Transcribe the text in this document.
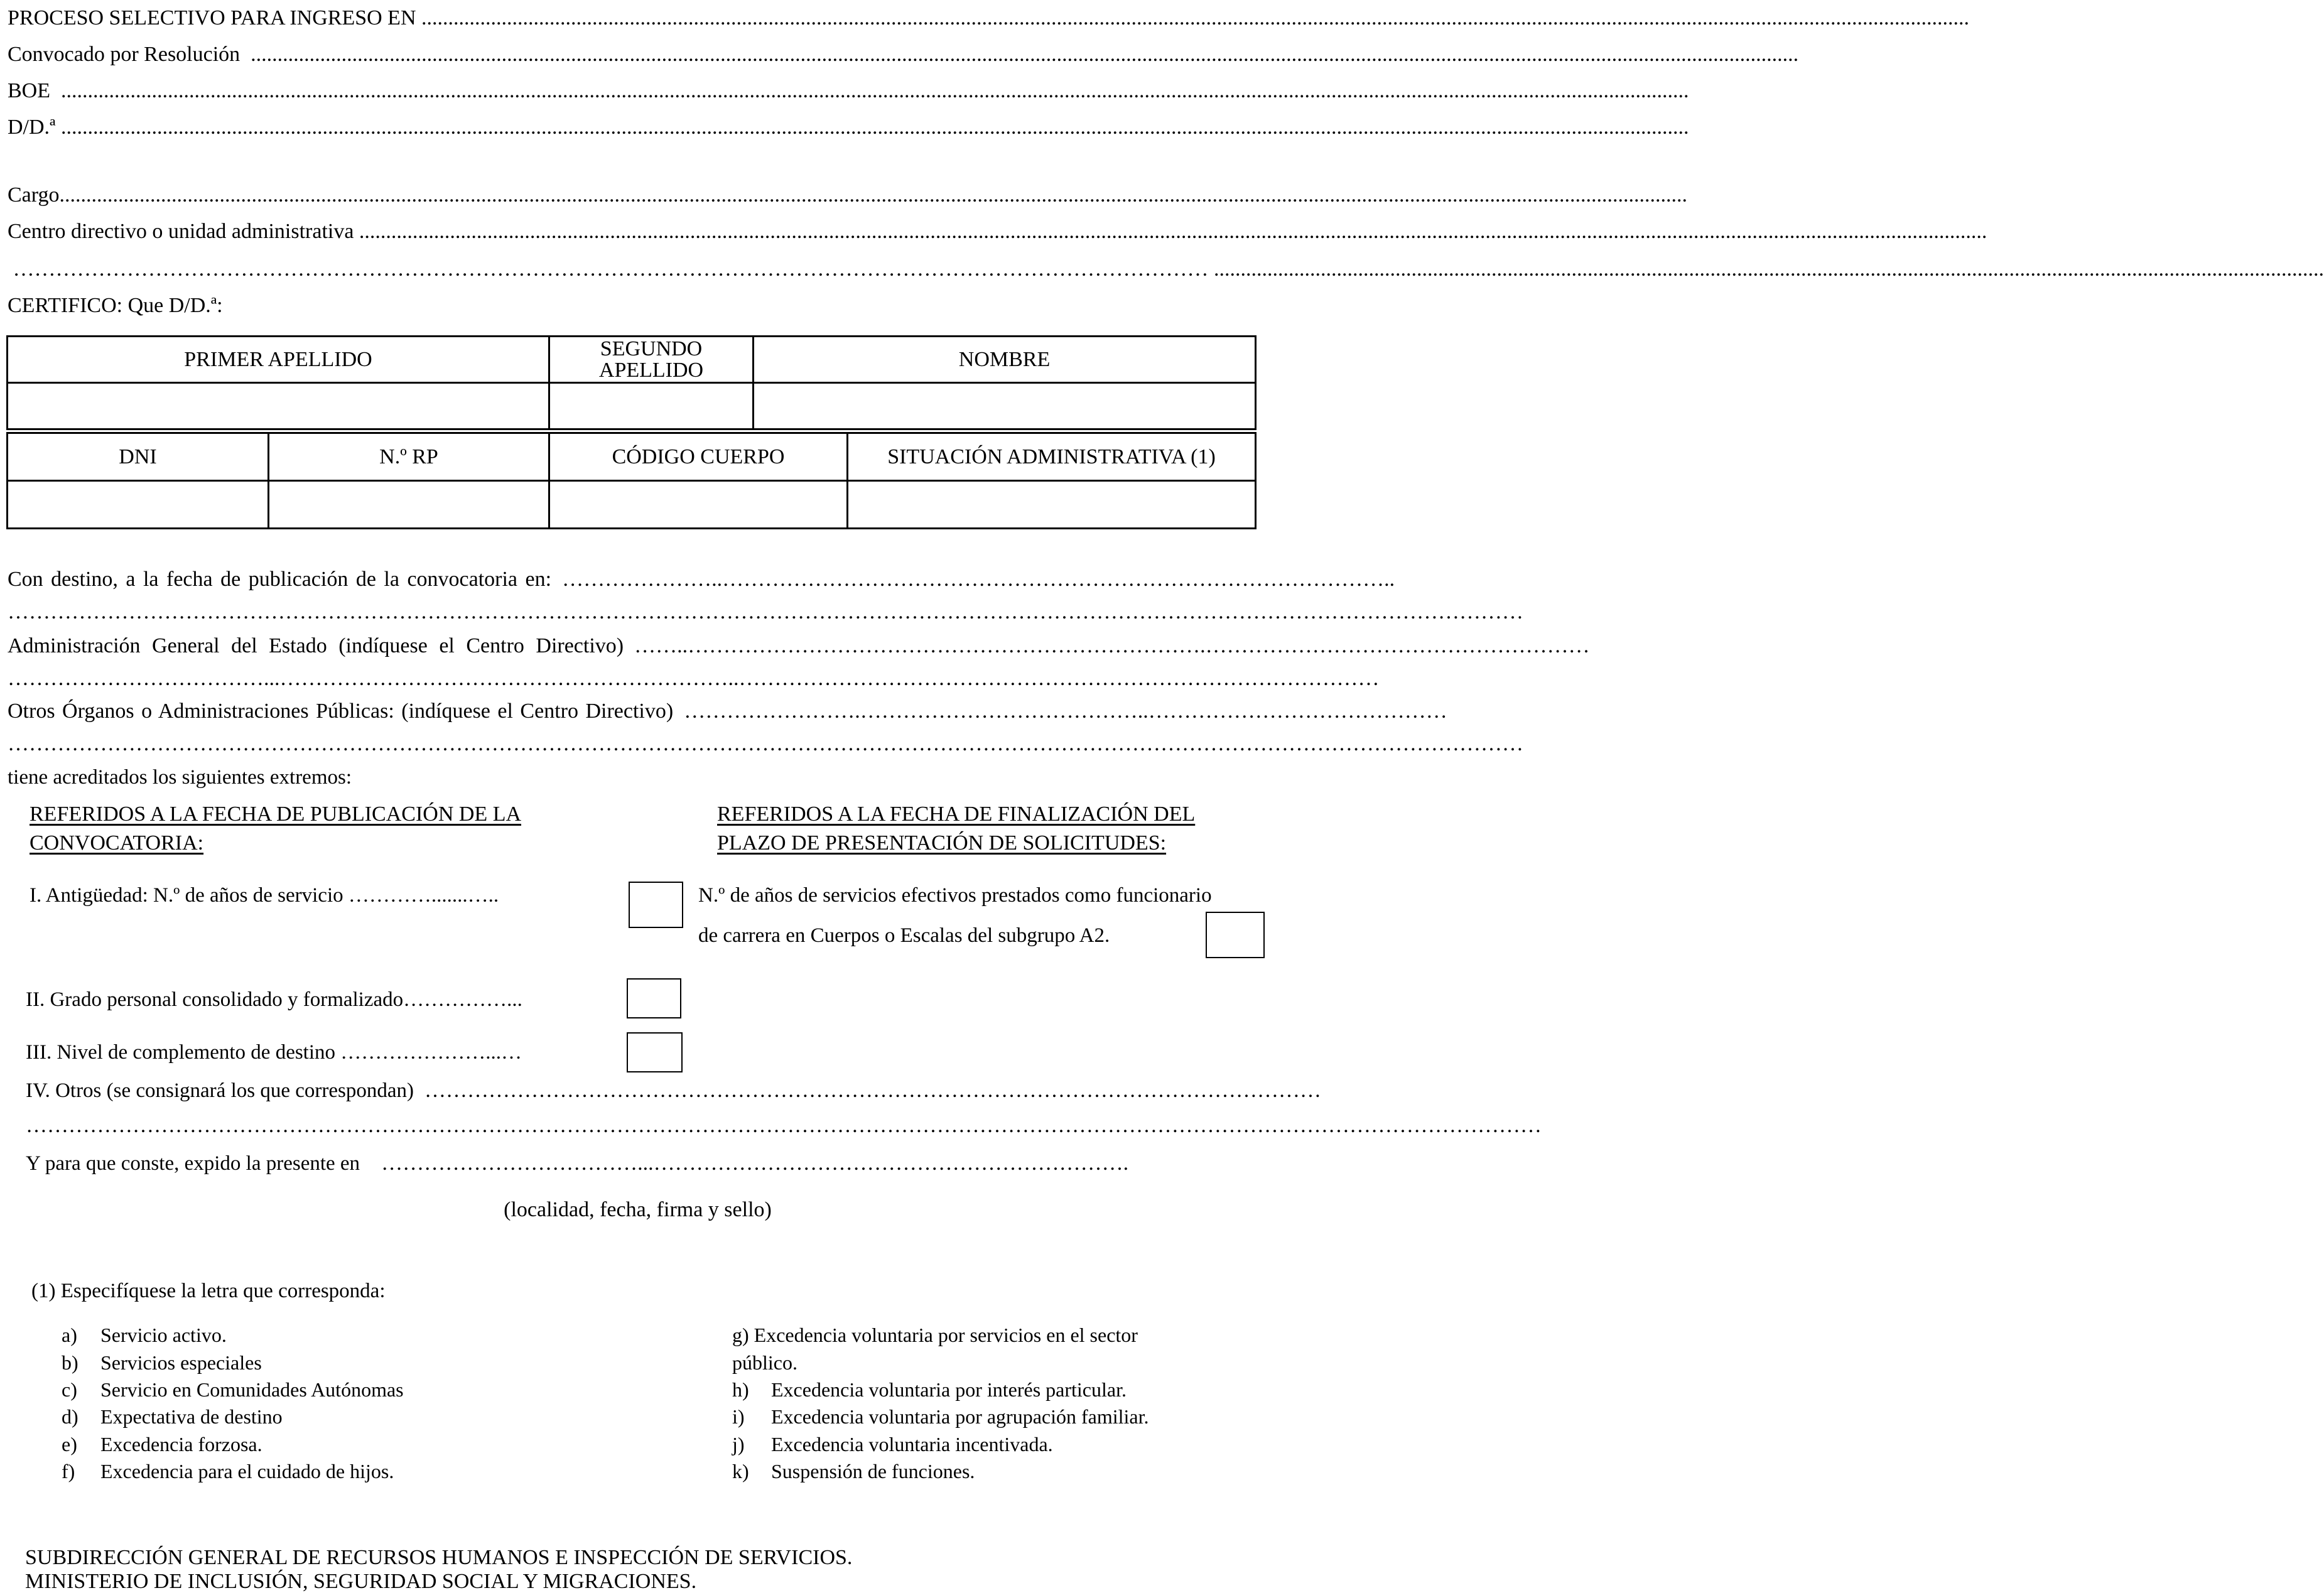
PROCESO SELECTIVO PARA INGRESO EN ..................................................................................................................................................................................................................................................................................................
Convocado por Resolución ..................................................................................................................................................................................................................................................................................................
BOE .................................................................................................................................................................................................................................................................................................................
D/D.ª .................................................................................................................................................................................................................................................................................................................
Cargo .................................................................................................................................................................................................................................................................................................................
Centro directivo o unidad administrativa .................................................................................................................................................................................................................................................................................................................
…………………………………………………………………………………………………………………………………………………… ................................................................................................................................................................................................................
CERTIFICO: Que D/D.ª:
PRIMER APELLIDO	SEGUNDO APELLIDO	NOMBRE

DNI	N.º RP	CÓDIGO CUERPO	SITUACIÓN ADMINISTRATIVA (1)

Con destino, a la fecha de publicación de la convocatoria en: …………………..…………………………………………………………………………………..
……………………………………………………………………………………………………………………………………………………………………………………………
Administración General del Estado (indíquese el Centro Directivo) ……..……………………………………………………………….………………………………………………
………………………………...………………………………………………………..………………………………………………………………………………
Otros Órganos o Administraciones Públicas: (indíquese el Centro Directivo) …………………….…………………………………..……………………………………
……………………………………………………………………………………………………………………………………………………………………………………………
tiene acreditados los siguientes extremos:
REFERIDOS A LA FECHA DE PUBLICACIÓN DE LA
CONVOCATORIA:
REFERIDOS A LA FECHA DE FINALIZACIÓN DEL
PLAZO DE PRESENTACIÓN DE SOLICITUDES:
I. Antigüedad: N.º de años de servicio ………….......…..	N.º de años de servicios efectivos prestados como funcionario
de carrera en Cuerpos o Escalas del subgrupo A2.
II. Grado personal consolidado y formalizado……………...
III. Nivel de complemento de destino …………………...…
IV. Otros (se consignará los que correspondan) ………………………………………………………………………………………………………………
……………………………………………………………………………………………………………………………………………………………………………………………
Y para que conste, expido la presente en ………………………………...………………………………………………………….
(localidad, fecha, firma y sello)
(1) Especifíquese la letra que corresponda:
a) Servicio activo.
b) Servicios especiales
c) Servicio en Comunidades Autónomas
d) Expectativa de destino
e) Excedencia forzosa.
f) Excedencia para el cuidado de hijos.
g) Excedencia voluntaria por servicios en el sector
público.
h) Excedencia voluntaria por interés particular.
i) Excedencia voluntaria por agrupación familiar.
j) Excedencia voluntaria incentivada.
k) Suspensión de funciones.
SUBDIRECCIÓN GENERAL DE RECURSOS HUMANOS E INSPECCIÓN DE SERVICIOS.
MINISTERIO DE INCLUSIÓN, SEGURIDAD SOCIAL Y MIGRACIONES.
